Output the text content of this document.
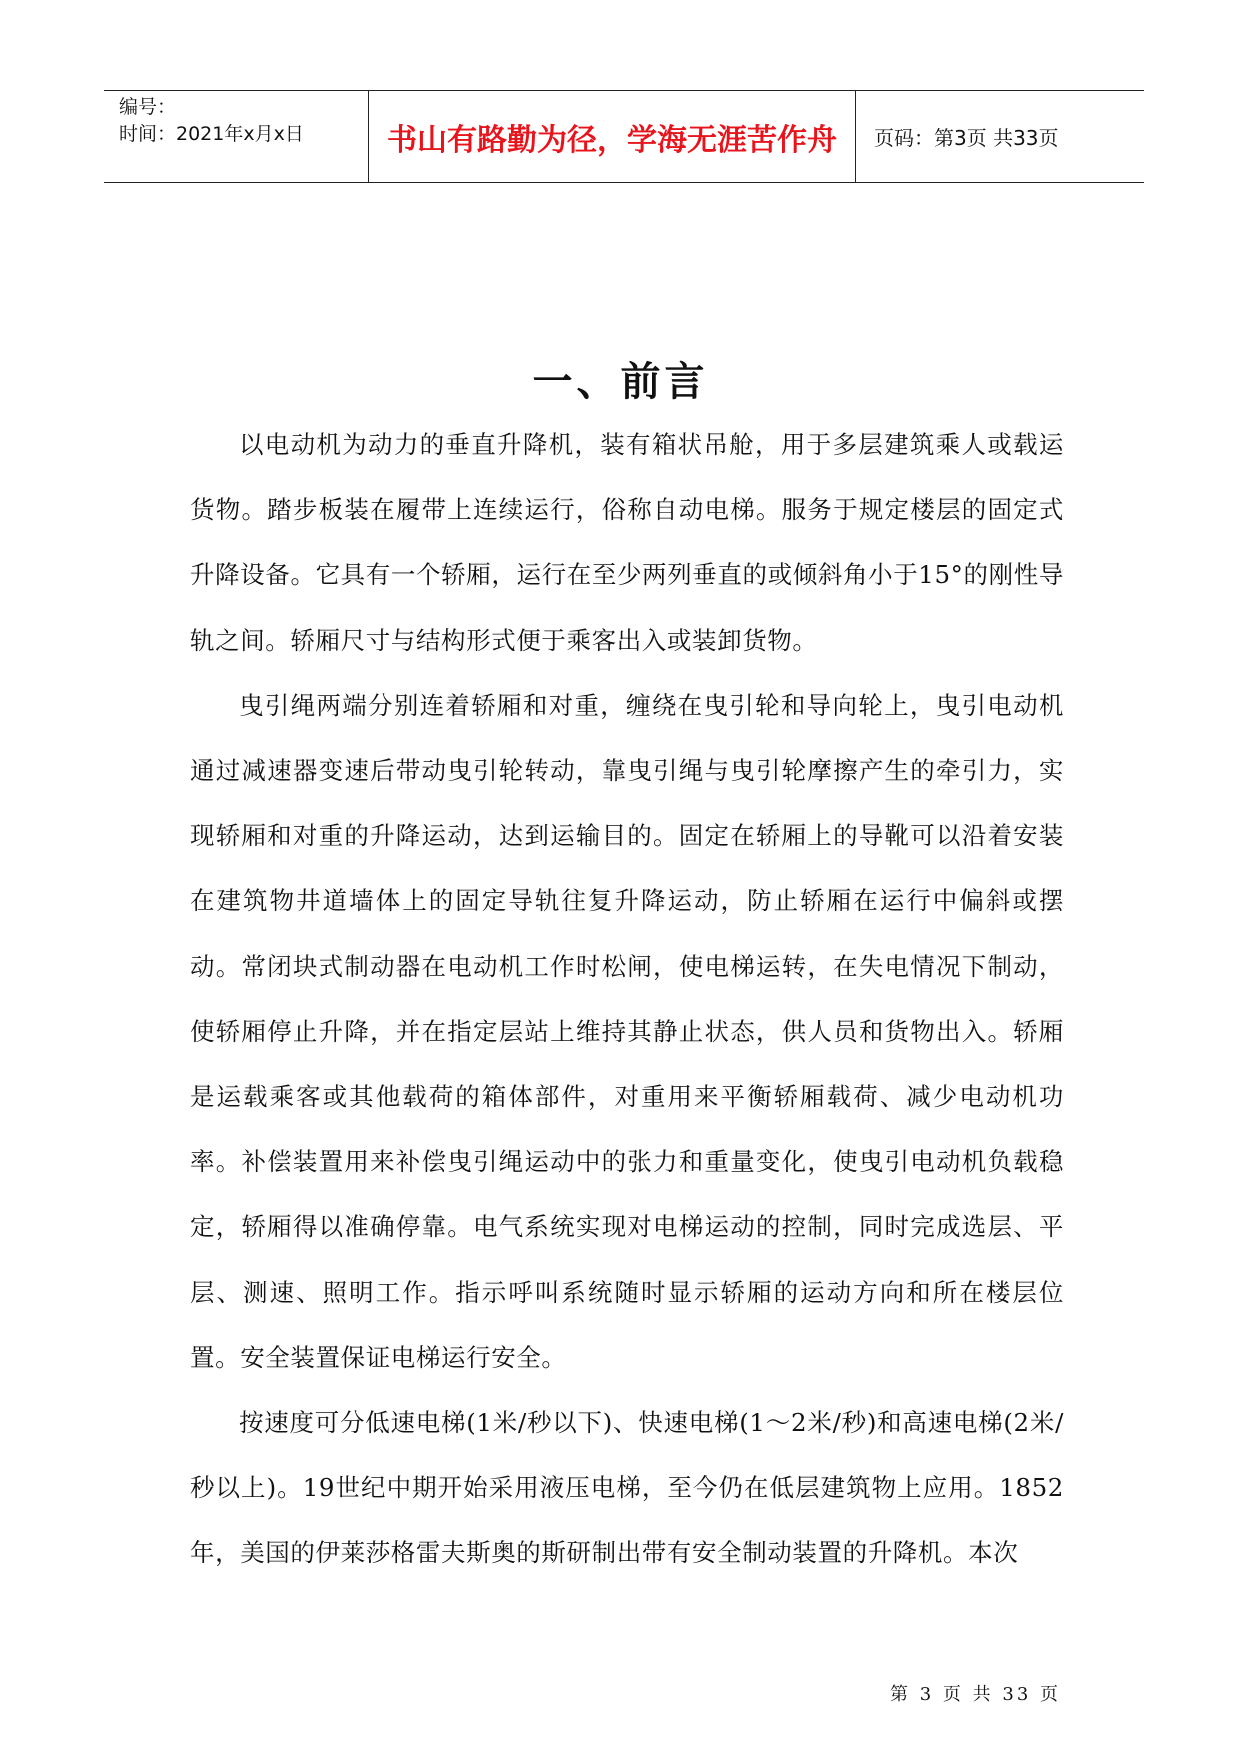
编号：
时间：2021年x月x日	书山有路勤为径，学海无涯苦作舟	页码：第3页 共33页
一、前言

以电动机为动力的垂直升降机，装有箱状吊舱，用于多层建筑乘人或载运货物。踏步板装在履带上连续运行，俗称自动电梯。服务于规定楼层的固定式升降设备。它具有一个轿厢，运行在至少两列垂直的或倾斜角小于15°的刚性导轨之间。轿厢尺寸与结构形式便于乘客出入或装卸货物。

曳引绳两端分别连着轿厢和对重，缠绕在曳引轮和导向轮上，曳引电动机通过减速器变速后带动曳引轮转动，靠曳引绳与曳引轮摩擦产生的牵引力，实现轿厢和对重的升降运动，达到运输目的。固定在轿厢上的导靴可以沿着安装在建筑物井道墙体上的固定导轨往复升降运动，防止轿厢在运行中偏斜或摆动。常闭块式制动器在电动机工作时松闸，使电梯运转，在失电情况下制动，使轿厢停止升降，并在指定层站上维持其静止状态，供人员和货物出入。轿厢是运载乘客或其他载荷的箱体部件，对重用来平衡轿厢载荷、减少电动机功率。补偿装置用来补偿曳引绳运动中的张力和重量变化，使曳引电动机负载稳定，轿厢得以准确停靠。电气系统实现对电梯运动的控制，同时完成选层、平层、测速、照明工作。指示呼叫系统随时显示轿厢的运动方向和所在楼层位置。安全装置保证电梯运行安全。

按速度可分低速电梯(1米/秒以下)、快速电梯(1～2米/秒)和高速电梯(2米/秒以上)。19世纪中期开始采用液压电梯，至今仍在低层建筑物上应用。1852年，美国的伊莱莎格雷夫斯奥的斯研制出带有安全制动装置的升降机。本次

第 3 页 共 33 页
